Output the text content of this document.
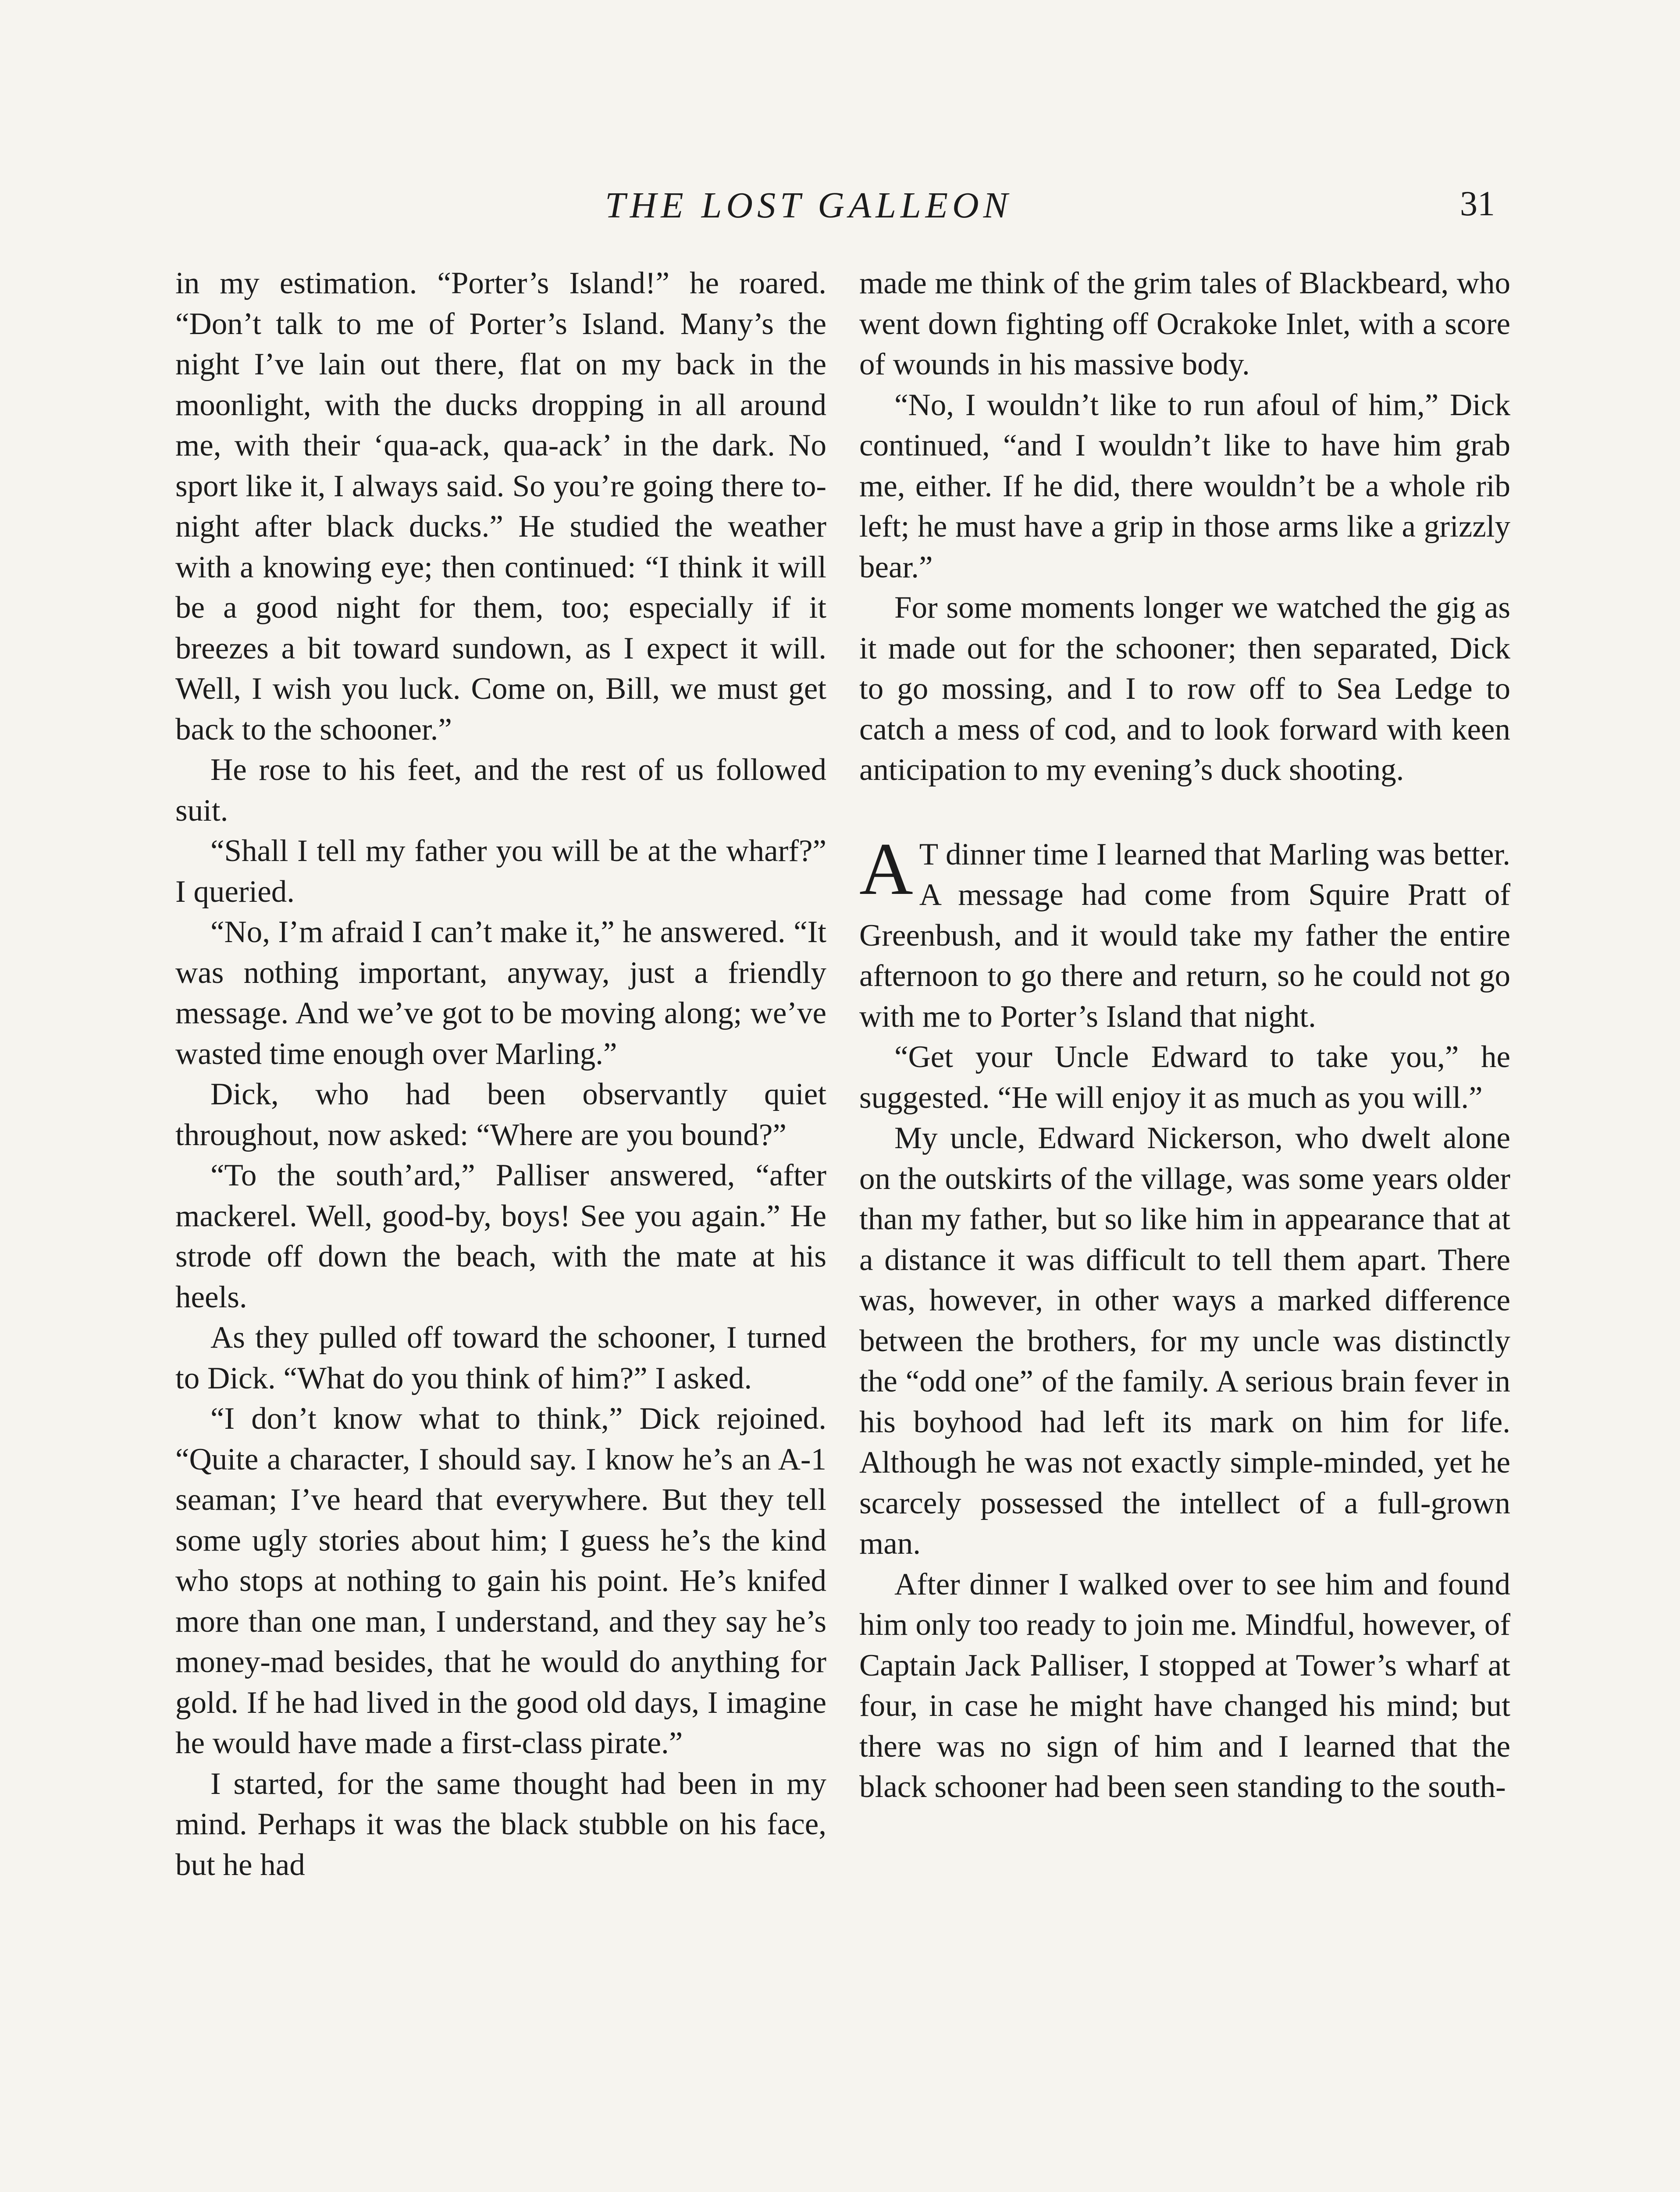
THE LOST GALLEON	31

in my estimation. “Porter’s Island!” he roared. “Don’t talk to me of Porter’s Island. Many’s the night I’ve lain out there, flat on my back in the moonlight, with the ducks dropping in all around me, with their ‘qua-ack, qua-ack’ in the dark. No sport like it, I always said. So you’re going there to-night after black ducks.” He studied the weather with a knowing eye; then continued: “I think it will be a good night for them, too; especially if it breezes a bit toward sundown, as I expect it will. Well, I wish you luck. Come on, Bill, we must get back to the schooner.”

He rose to his feet, and the rest of us followed suit.

“Shall I tell my father you will be at the wharf?” I queried.

“No, I’m afraid I can’t make it,” he answered. “It was nothing important, anyway, just a friendly message. And we’ve got to be moving along; we’ve wasted time enough over Marling.”

Dick, who had been observantly quiet throughout, now asked: “Where are you bound?”

“To the south’ard,” Palliser answered, “after mackerel. Well, good-by, boys! See you again.” He strode off down the beach, with the mate at his heels.

As they pulled off toward the schooner, I turned to Dick. “What do you think of him?” I asked.

“I don’t know what to think,” Dick rejoined. “Quite a character, I should say. I know he’s an A-1 seaman; I’ve heard that everywhere. But they tell some ugly stories about him; I guess he’s the kind who stops at nothing to gain his point. He’s knifed more than one man, I understand, and they say he’s money-mad besides, that he would do anything for gold. If he had lived in the good old days, I imagine he would have made a first-class pirate.”

I started, for the same thought had been in my mind. Perhaps it was the black stubble on his face, but he had

made me think of the grim tales of Blackbeard, who went down fighting off Ocrakoke Inlet, with a score of wounds in his massive body.

“No, I wouldn’t like to run afoul of him,” Dick continued, “and I wouldn’t like to have him grab me, either. If he did, there wouldn’t be a whole rib left; he must have a grip in those arms like a grizzly bear.”

For some moments longer we watched the gig as it made out for the schooner; then separated, Dick to go mossing, and I to row off to Sea Ledge to catch a mess of cod, and to look forward with keen anticipation to my evening’s duck shooting.

A T dinner time I learned that Marling was better. A message had come from Squire Pratt of Greenbush, and it would take my father the entire afternoon to go there and return, so he could not go with me to Porter’s Island that night.

“Get your Uncle Edward to take you,” he suggested. “He will enjoy it as much as you will.”

My uncle, Edward Nickerson, who dwelt alone on the outskirts of the village, was some years older than my father, but so like him in appearance that at a distance it was difficult to tell them apart. There was, however, in other ways a marked difference between the brothers, for my uncle was distinctly the “odd one” of the family. A serious brain fever in his boyhood had left its mark on him for life. Although he was not exactly simple-minded, yet he scarcely possessed the intellect of a full-grown man.

After dinner I walked over to see him and found him only too ready to join me. Mindful, however, of Captain Jack Palliser, I stopped at Tower’s wharf at four, in case he might have changed his mind; but there was no sign of him and I learned that the black schooner had been seen standing to the south-
